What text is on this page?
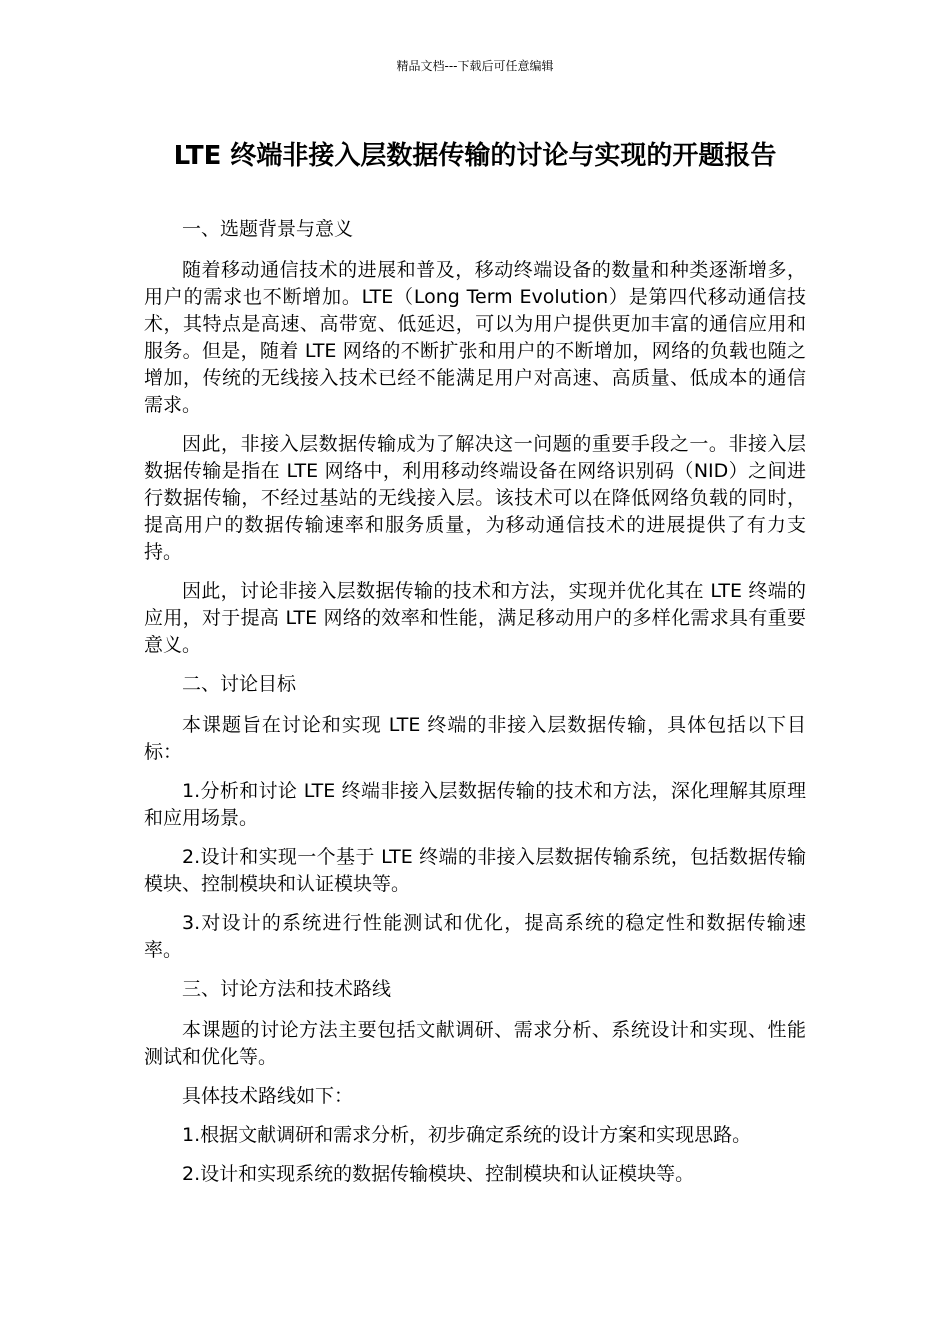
精品文档---下载后可任意编辑
LTE 终端非接入层数据传输的讨论与实现的开题报告

一、选题背景与意义

随着移动通信技术的进展和普及，移动终端设备的数量和种类逐渐增多，用户的需求也不断增加。LTE（Long Term Evolution）是第四代移动通信技术，其特点是高速、高带宽、低延迟，可以为用户提供更加丰富的通信应用和服务。但是，随着 LTE 网络的不断扩张和用户的不断增加，网络的负载也随之增加，传统的无线接入技术已经不能满足用户对高速、高质量、低成本的通信需求。

因此，非接入层数据传输成为了解决这一问题的重要手段之一。非接入层数据传输是指在 LTE 网络中，利用移动终端设备在网络识别码（NID）之间进行数据传输，不经过基站的无线接入层。该技术可以在降低网络负载的同时，提高用户的数据传输速率和服务质量，为移动通信技术的进展提供了有力支持。

因此，讨论非接入层数据传输的技术和方法，实现并优化其在 LTE 终端的应用，对于提高 LTE 网络的效率和性能，满足移动用户的多样化需求具有重要意义。

二、讨论目标

本课题旨在讨论和实现 LTE 终端的非接入层数据传输，具体包括以下目标：

1.分析和讨论 LTE 终端非接入层数据传输的技术和方法，深化理解其原理和应用场景。

2.设计和实现一个基于 LTE 终端的非接入层数据传输系统，包括数据传输模块、控制模块和认证模块等。

3.对设计的系统进行性能测试和优化，提高系统的稳定性和数据传输速率。

三、讨论方法和技术路线

本课题的讨论方法主要包括文献调研、需求分析、系统设计和实现、性能测试和优化等。

具体技术路线如下：

1.根据文献调研和需求分析，初步确定系统的设计方案和实现思路。

2.设计和实现系统的数据传输模块、控制模块和认证模块等。
